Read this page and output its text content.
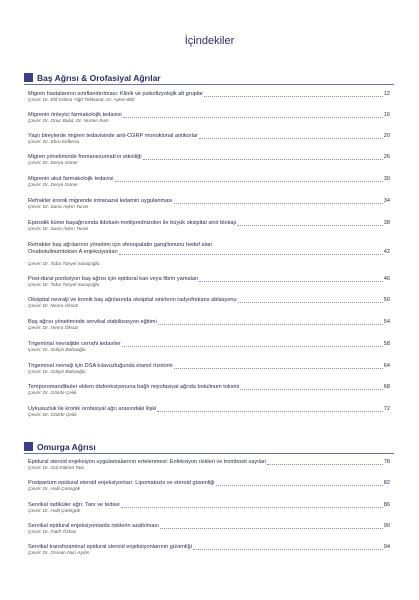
İçindekiler
Baş Ağrısı & Orofasiyal Ağrılar
Migren hastalarının sınıflandırılması: Klinik ve psikofizyolojik alt gruplar	12
Çeviri: Dr. Elif Göksü Yiğit Tekkanat, Dr. Ayten Bilir
Migrenin önleyici farmakolojik tedavisi	16
Çeviri: Dr. Onur Bulut, Dr. Nurten İnan
Yaşlı bireylerde migren tedavisinde anti-CGRP monoklonal antikorlar	20
Çeviri: Dr. Ebru Kelkesa
Migren yönetiminde fremanezumab'ın etkinliği	26
Çeviri: Dr. Derya Güner
Migrenin akut farmakolojik tedavisi	30
Çeviri: Dr. Derya Güner
Refrakter kronik migrende intranazal ketamin uygulanması	34
Çeviri: Dr. Suna Aşkın Turan
Epizodik küme başağrısında lidokain-metilprednizolon ile büyük oksipital sinir blokajı	38
Çeviri: Dr. Suna Aşkın Turan
Refrakter baş ağrılarının yönetimi için sfenopalatin ganglionunu hedef alan
Onabotulinumtoksin A enjeksiyonları	42
Çeviri: Dr. Tuba Tanyel Saraçoğlu
Post-dural ponksiyon baş ağrısı için epidural kan veya fibrin yamaları	46
Çeviri: Dr. Tuba Tanyel Saraçoğlu
Oksipital nevralji ve kronik baş ağrılarında oksipital sinirlerin radyofrekans ablasyonu	50
Çeviri: Dr. Nevra Öksüz
Baş ağrısı yönetiminde servikal stabilizasyon eğitimi	54
Çeviri: Dr. Nevra Öksüz
Trigeminal nevraljide cerrahi tedaviler	58
Çeviri: Dr. Gülçin Babaoğlu
Trigeminal nevralji için DSA kılavuzluğunda etanol rizotomi	64
Çeviri: Dr. Gülçin Babaoğlu
Temporomandibuler eklem disfonksiyonuna bağlı miyofasiyal ağrıda botulinum toksini	68
Çeviri: Dr. Gözde Çelik
Uykusuzluk ile kronik orofasiyal ağrı arasındaki ilişki	72
Çeviri: Dr. Gözde Çelik
Omurga Ağrısı
Epidural steroid enjeksiyon uygulamalarının ertelenmesi: Enfeksiyon riskleri ve trombosit sayıları	78
Çeviri: Dr. Gül Köknel Talu
Postpartum epidural steroid enjeksiyonları: Lipomatozis ve steroid güvenliği	82
Çeviri: Dr. Halil Çetingök
Servikal radiküler ağrı: Tanı ve tedavi	86
Çeviri: Dr. Halil Çetingök
Servikal epidural enjeksiyonlarda risklerin azaltılması	90
Çeviri: Dr. Fatih Özkan
Servikal transforaminal epidural steroid enjeksiyonlarının güvenliği	94
Çeviri: Dr. Osman Nuri Aydın
